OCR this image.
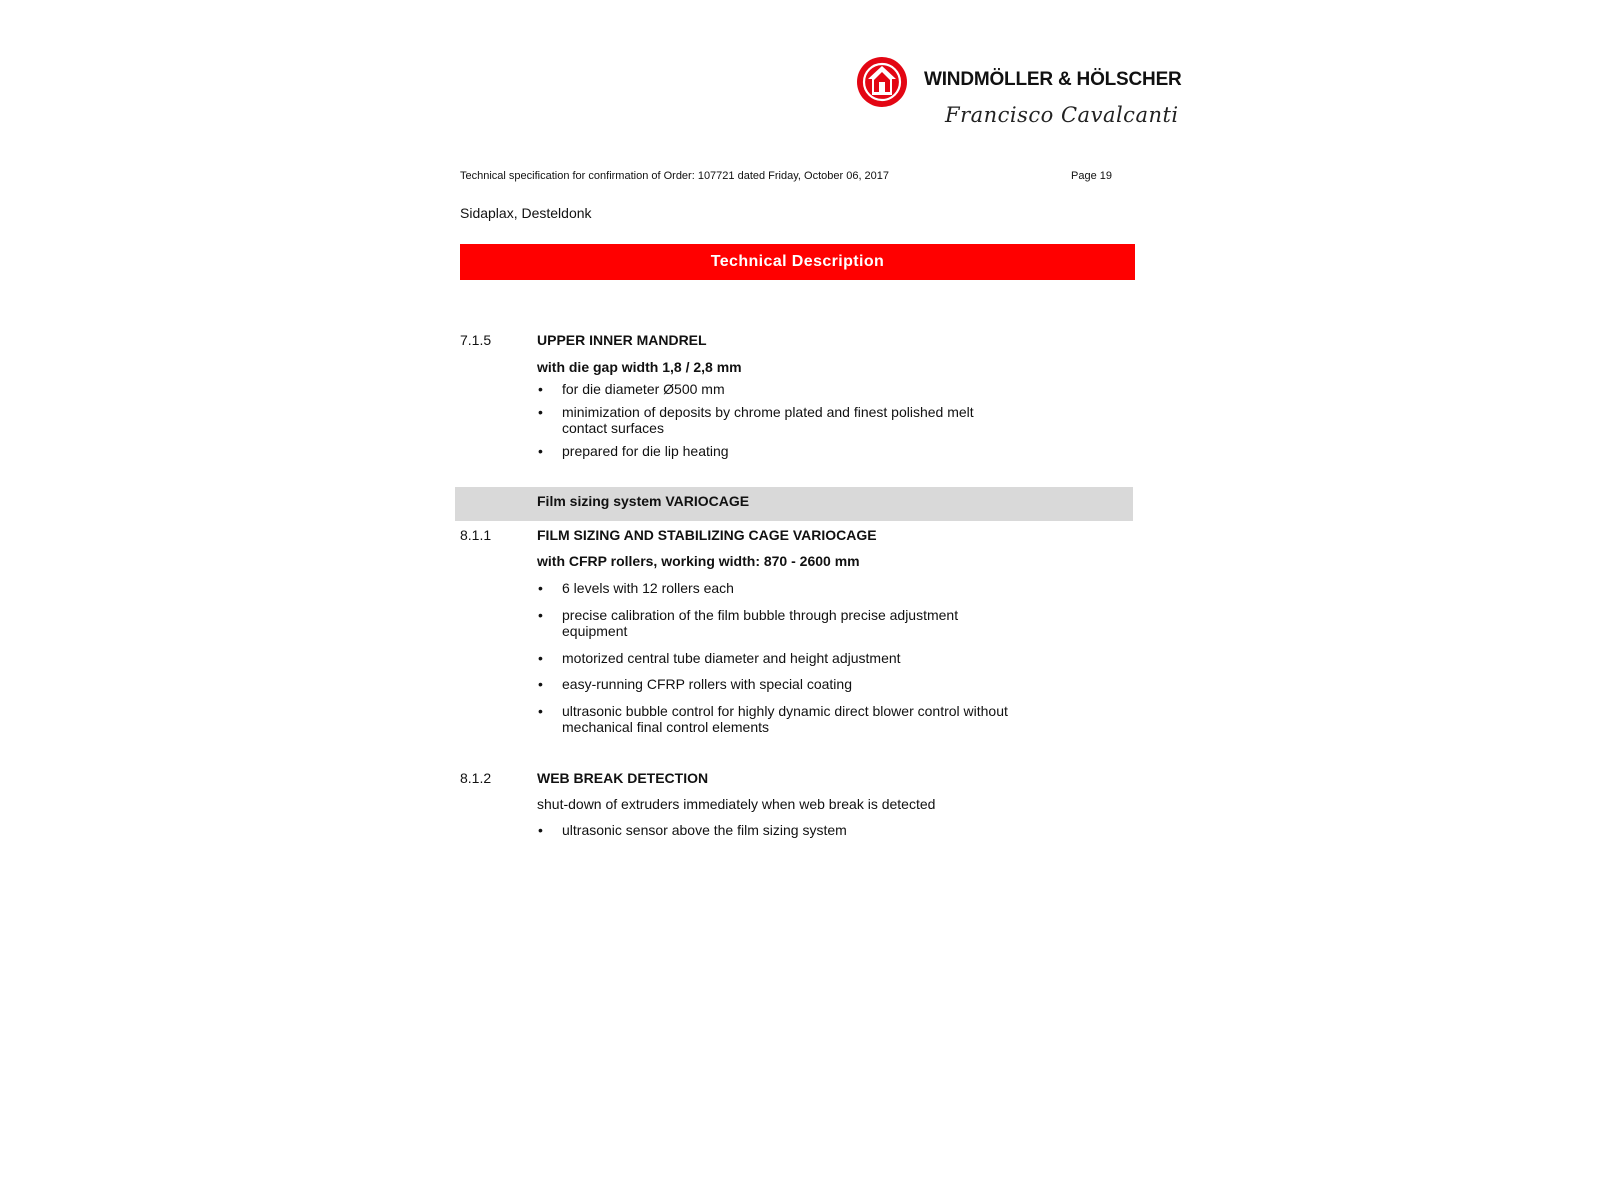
WINDMÖLLER & HÖLSCHER
Francisco Cavalcanti
Technical specification for confirmation of Order: 107721 dated Friday, October 06, 2017	Page 19
Sidaplax, Desteldonk
Technical Description
7.1.5	UPPER INNER MANDREL
with die gap width 1,8 / 2,8 mm
• for die diameter Ø500 mm
• minimization of deposits by chrome plated and finest polished melt
contact surfaces
• prepared for die lip heating
Film sizing system VARIOCAGE
8.1.1	FILM SIZING AND STABILIZING CAGE VARIOCAGE
with CFRP rollers, working width: 870 - 2600 mm
• 6 levels with 12 rollers each
• precise calibration of the film bubble through precise adjustment
equipment
• motorized central tube diameter and height adjustment
• easy-running CFRP rollers with special coating
• ultrasonic bubble control for highly dynamic direct blower control without
mechanical final control elements
8.1.2	WEB BREAK DETECTION
shut-down of extruders immediately when web break is detected
• ultrasonic sensor above the film sizing system
